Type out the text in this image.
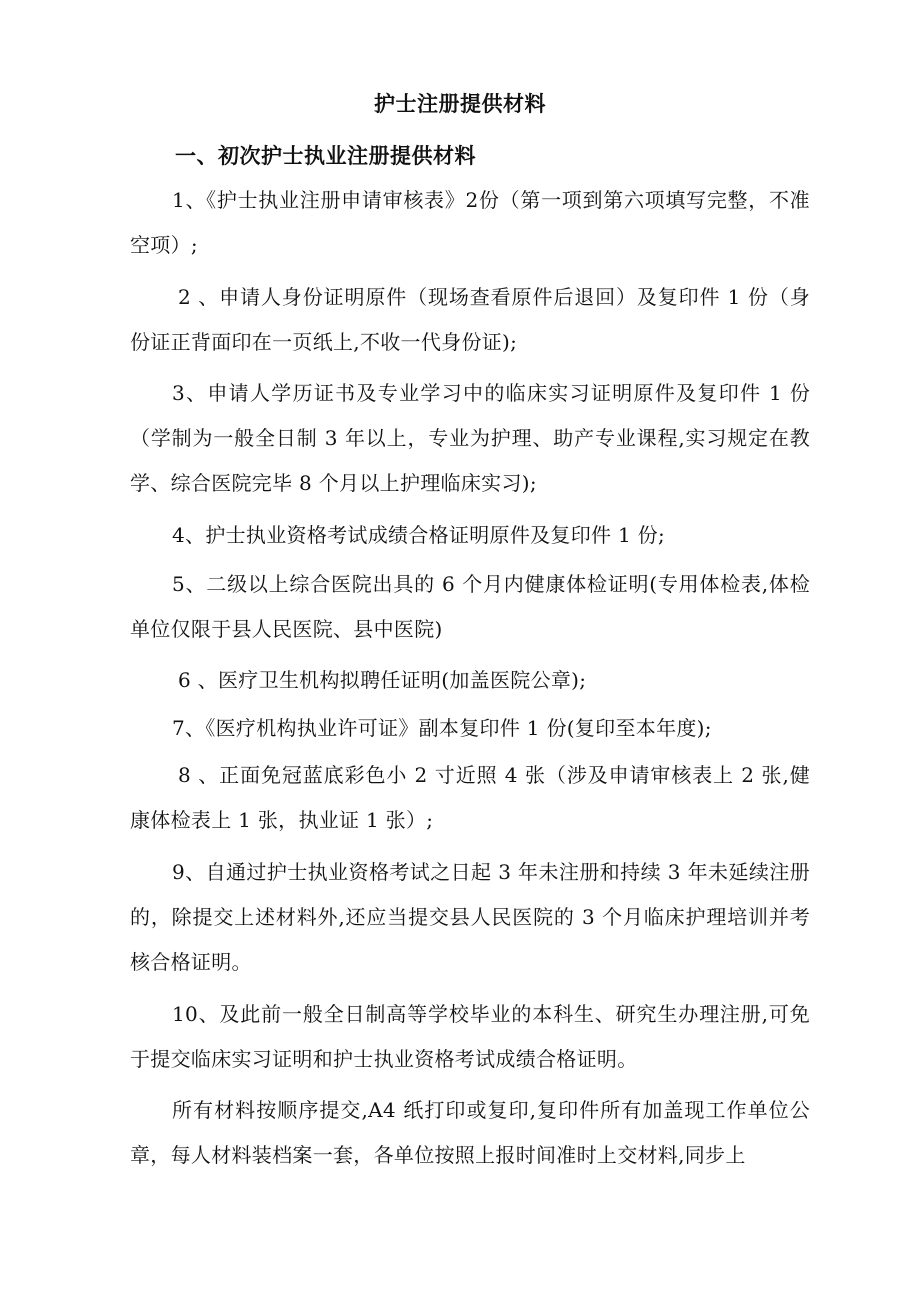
护士注册提供材料
一、初次护士执业注册提供材料

1、《护士执业注册申请审核表》2份（第一项到第六项填写完整，不准空项）;

2 、申请人身份证明原件（现场查看原件后退回）及复印件 1 份（身份证正背面印在一页纸上,不收一代身份证);

3、申请人学历证书及专业学习中的临床实习证明原件及复印件 1 份（学制为一般全日制 3 年以上，专业为护理、助产专业课程,实习规定在教学、综合医院完毕 8 个月以上护理临床实习);

4、护士执业资格考试成绩合格证明原件及复印件 1 份;

5、二级以上综合医院出具的 6 个月内健康体检证明(专用体检表,体检单位仅限于县人民医院、县中医院)

6 、医疗卫生机构拟聘任证明(加盖医院公章);

7、《医疗机构执业许可证》副本复印件 1 份(复印至本年度);

8 、正面免冠蓝底彩色小 2 寸近照 4 张（涉及申请审核表上 2 张,健康体检表上 1 张，执业证 1 张）;

9、自通过护士执业资格考试之日起 3 年未注册和持续 3 年未延续注册的，除提交上述材料外,还应当提交县人民医院的 3 个月临床护理培训并考核合格证明。

10、及此前一般全日制高等学校毕业的本科生、研究生办理注册,可免于提交临床实习证明和护士执业资格考试成绩合格证明。

所有材料按顺序提交,A4 纸打印或复印,复印件所有加盖现工作单位公章，每人材料装档案一套，各单位按照上报时间准时上交材料,同步上
